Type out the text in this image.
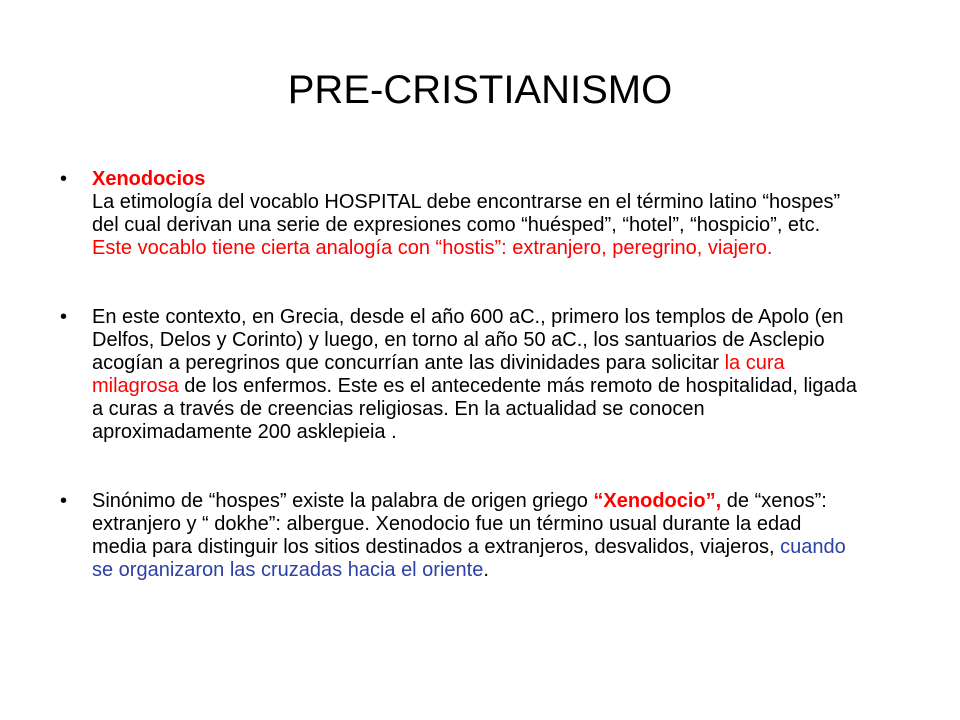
PRE-CRISTIANISMO
•	Xenodocios
La etimología del vocablo HOSPITAL debe encontrarse en el término latino “hospes” del cual derivan una serie de expresiones como “huésped”, “hotel”, “hospicio”, etc. Este vocablo tiene cierta analogía con “hostis”: extranjero, peregrino, viajero.
•	En este contexto, en Grecia, desde el año 600 aC., primero los templos de Apolo (en Delfos, Delos y Corinto) y luego, en torno al año 50 aC., los santuarios de Asclepio acogían a peregrinos que concurrían ante las divinidades para solicitar la cura milagrosa de los enfermos. Este es el antecedente más remoto de hospitalidad, ligada a curas a través de creencias religiosas. En la actualidad se conocen aproximadamente 200 asklepieia .
•	Sinónimo de “hospes” existe la palabra de origen griego “Xenodocio”, de “xenos”: extranjero y “ dokhe”: albergue. Xenodocio fue un término usual durante la edad media para distinguir los sitios destinados a extranjeros, desvalidos, viajeros, cuando se organizaron las cruzadas hacia el oriente.
